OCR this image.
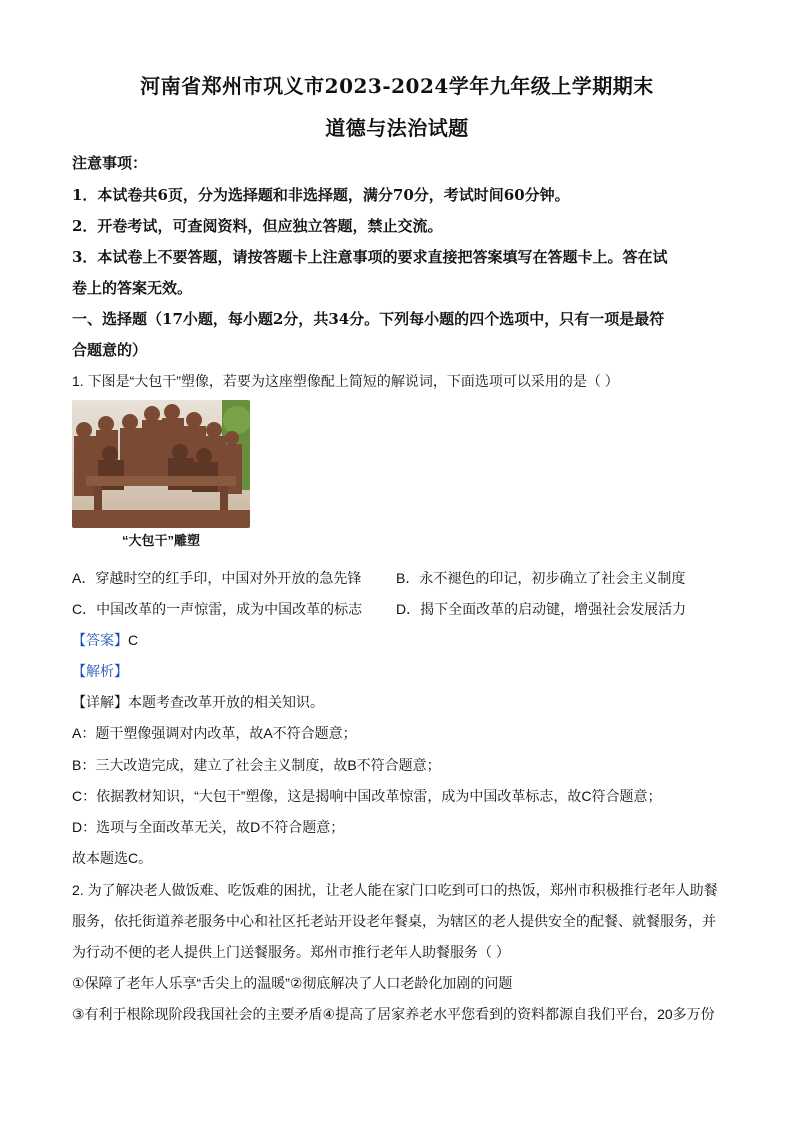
河南省郑州市巩义市2023-2024学年九年级上学期期末
道德与法治试题
注意事项：
1．本试卷共6页，分为选择题和非选择题，满分70分，考试时间60分钟。
2．开卷考试，可查阅资料，但应独立答题，禁止交流。
3．本试卷上不要答题，请按答题卡上注意事项的要求直接把答案填写在答题卡上。答在试
卷上的答案无效。
一、选择题（17小题，每小题2分，共34分。下列每小题的四个选项中，只有一项是最符
合题意的）
1. 下图是“大包干”塑像，若要为这座塑像配上简短的解说词，下面选项可以采用的是（ ）
“大包干”雕塑
A．穿越时空的红手印，中国对外开放的急先锋 B．永不褪色的印记，初步确立了社会主义制度
C．中国改革的一声惊雷，成为中国改革的标志 D．揭下全面改革的启动键，增强社会发展活力
【答案】C
【解析】
【详解】本题考查改革开放的相关知识。
A：题干塑像强调对内改革，故A不符合题意；
B：三大改造完成，建立了社会主义制度，故B不符合题意；
C：依据教材知识，“大包干”塑像，这是揭响中国改革惊雷，成为中国改革标志，故C符合题意；
D：选项与全面改革无关，故D不符合题意；
故本题选C。
2. 为了解决老人做饭难、吃饭难的困扰，让老人能在家门口吃到可口的热饭，郑州市积极推行老年人助餐
服务，依托街道养老服务中心和社区托老站开设老年餐桌，为辖区的老人提供安全的配餐、就餐服务，并
为行动不便的老人提供上门送餐服务。郑州市推行老年人助餐服务（ ）
①保障了老年人乐享“舌尖上的温暖”②彻底解决了人口老龄化加剧的问题
③有利于根除现阶段我国社会的主要矛盾④提高了居家养老水平您看到的资料都源自我们平台，20多万份
